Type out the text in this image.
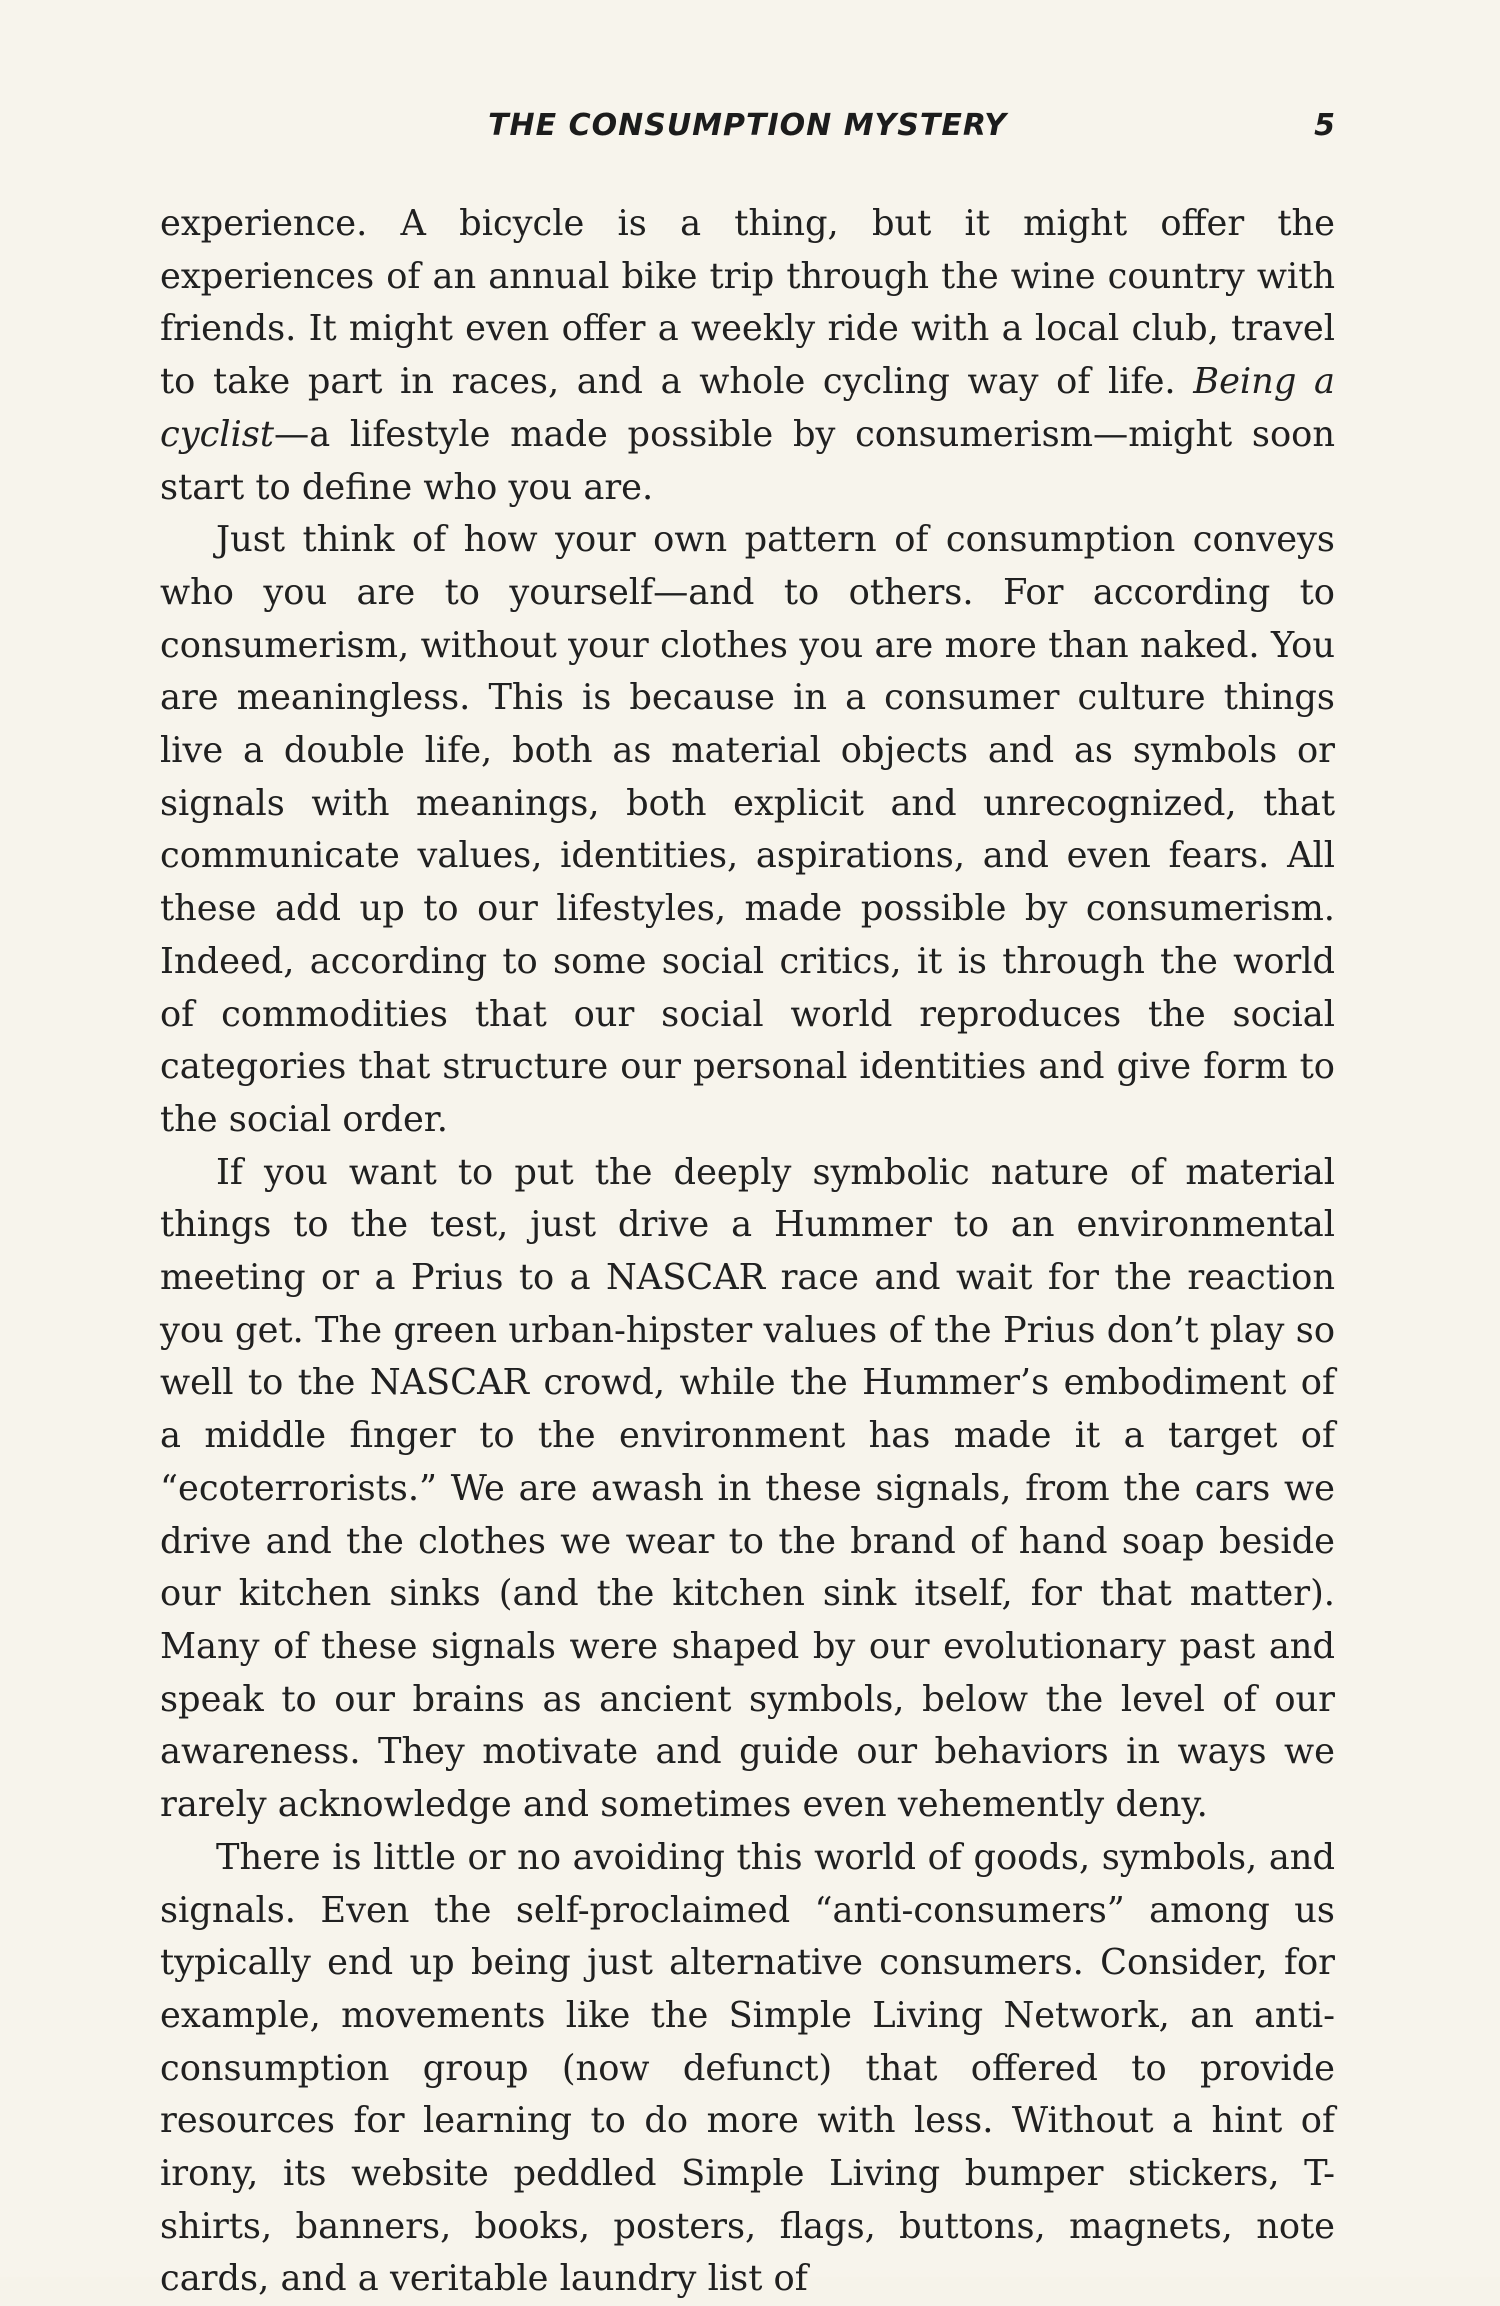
THE CONSUMPTION MYSTERY	5

experience. A bicycle is a thing, but it might offer the experiences of an annual bike trip through the wine country with friends. It might even offer a weekly ride with a local club, travel to take part in races, and a whole cycling way of life. Being a cyclist—a lifestyle made possible by consumerism—might soon start to define who you are.

Just think of how your own pattern of consumption conveys who you are to yourself—and to others. For according to consumerism, without your clothes you are more than naked. You are meaningless. This is because in a consumer culture things live a double life, both as material objects and as symbols or signals with meanings, both explicit and unrecognized, that communicate values, identities, aspirations, and even fears. All these add up to our lifestyles, made possible by consumerism. Indeed, according to some social critics, it is through the world of commodities that our social world reproduces the social categories that structure our personal identities and give form to the social order.

If you want to put the deeply symbolic nature of material things to the test, just drive a Hummer to an environmental meeting or a Prius to a NASCAR race and wait for the reaction you get. The green urban-hipster values of the Prius don’t play so well to the NASCAR crowd, while the Hummer’s embodiment of a middle finger to the environment has made it a target of “ecoterrorists.” We are awash in these signals, from the cars we drive and the clothes we wear to the brand of hand soap beside our kitchen sinks (and the kitchen sink itself, for that matter). Many of these signals were shaped by our evolutionary past and speak to our brains as ancient symbols, below the level of our awareness. They motivate and guide our behaviors in ways we rarely acknowledge and sometimes even vehemently deny.

There is little or no avoiding this world of goods, symbols, and signals. Even the self-proclaimed “anti-consumers” among us typically end up being just alternative consumers. Consider, for example, movements like the Simple Living Network, an anti-consumption group (now defunct) that offered to provide resources for learning to do more with less. Without a hint of irony, its website peddled Simple Living bumper stickers, T-shirts, banners, books, posters, flags, buttons, magnets, note cards, and a veritable laundry list of
